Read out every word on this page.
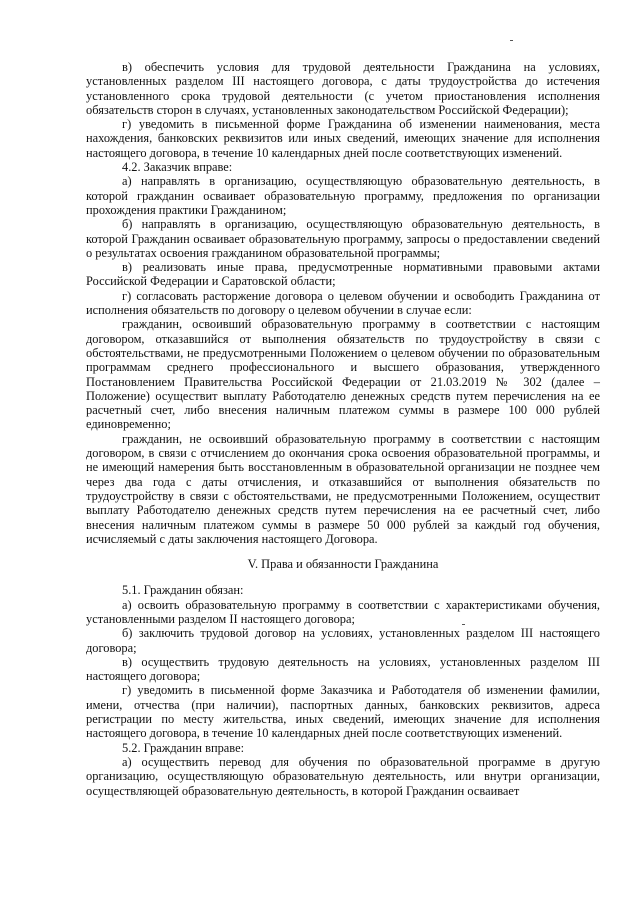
в) обеспечить условия для трудовой деятельности Гражданина на условиях, установленных разделом III настоящего договора, с даты трудоустройства до истечения установленного срока трудовой деятельности (с учетом приостановления исполнения обязательств сторон в случаях, установленных законодательством Российской Федерации);

г) уведомить в письменной форме Гражданина об изменении наименования, места нахождения, банковских реквизитов или иных сведений, имеющих значение для исполнения настоящего договора, в течение 10 календарных дней после соответствующих изменений.

4.2. Заказчик вправе:

а) направлять в организацию, осуществляющую образовательную деятельность, в которой гражданин осваивает образовательную программу, предложения по организации прохождения практики Гражданином;

б) направлять в организацию, осуществляющую образовательную деятельность, в которой Гражданин осваивает образовательную программу, запросы о предоставлении сведений о результатах освоения гражданином образовательной программы;

в) реализовать иные права, предусмотренные нормативными правовыми актами Российской Федерации и Саратовской области;

г) согласовать расторжение договора о целевом обучении и освободить Гражданина от исполнения обязательств по договору о целевом обучении в случае если:

гражданин, освоивший образовательную программу в соответствии с настоящим договором, отказавшийся от выполнения обязательств по трудоустройству в связи с обстоятельствами, не предусмотренными Положением о целевом обучении по образовательным программам среднего профессионального и высшего образования, утвержденного Постановлением Правительства Российской Федерации от 21.03.2019 № 302 (далее – Положение) осуществит выплату Работодателю денежных средств путем перечисления на ее расчетный счет, либо внесения наличным платежом суммы в размере 100 000 рублей единовременно;

гражданин, не освоивший образовательную программу в соответствии с настоящим договором, в связи с отчислением до окончания срока освоения образовательной программы, и не имеющий намерения быть восстановленным в образовательной организации не позднее чем через два года с даты отчисления, и отказавшийся от выполнения обязательств по трудоустройству в связи с обстоятельствами, не предусмотренными Положением, осуществит выплату Работодателю денежных средств путем перечисления на ее расчетный счет, либо внесения наличным платежом суммы в размере 50 000 рублей за каждый год обучения, исчисляемый с даты заключения настоящего Договора.

V. Права и обязанности Гражданина

5.1. Гражданин обязан:

а) освоить образовательную программу в соответствии с характеристиками обучения, установленными разделом II настоящего договора;

б) заключить трудовой договор на условиях, установленных разделом III настоящего договора;

в) осуществить трудовую деятельность на условиях, установленных разделом III настоящего договора;

г) уведомить в письменной форме Заказчика и Работодателя об изменении фамилии, имени, отчества (при наличии), паспортных данных, банковских реквизитов, адреса регистрации по месту жительства, иных сведений, имеющих значение для исполнения настоящего договора, в течение 10 календарных дней после соответствующих изменений.

5.2. Гражданин вправе:

а) осуществить перевод для обучения по образовательной программе в другую организацию, осуществляющую образовательную деятельность, или внутри организации, осуществляющей образовательную деятельность, в которой Гражданин осваивает
